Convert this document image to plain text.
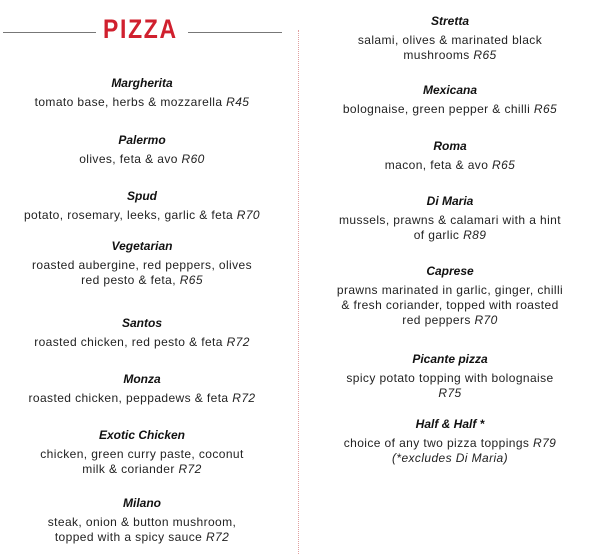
PIZZA
Margherita
tomato base, herbs & mozzarella R45
Palermo
olives, feta & avo R60
Spud
potato, rosemary, leeks, garlic & feta R70
Vegetarian
roasted aubergine, red peppers, olives
red pesto & feta, R65
Santos
roasted chicken, red pesto & feta R72
Monza
roasted chicken, peppadews & feta R72
Exotic Chicken
chicken, green curry paste, coconut
milk & coriander R72
Milano
steak, onion & button mushroom,
topped with a spicy sauce R72
Stretta
salami, olives & marinated black
mushrooms R65
Mexicana
bolognaise, green pepper & chilli R65
Roma
macon, feta & avo R65
Di Maria
mussels, prawns & calamari with a hint
of garlic R89
Caprese
prawns marinated in garlic, ginger, chilli
& fresh coriander, topped with roasted
red peppers R70
Picante pizza
spicy potato topping with bolognaise
R75
Half & Half *
choice of any two pizza toppings R79
(*excludes Di Maria)
